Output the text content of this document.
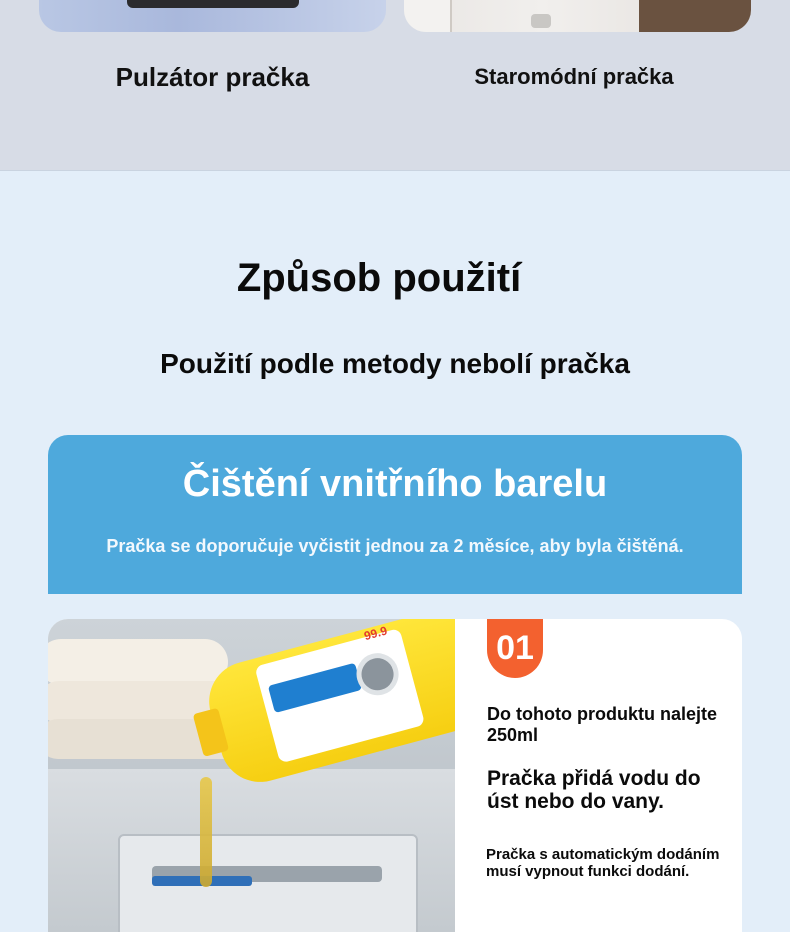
Pulzátor pračka	Staromódní pračka
Způsob použití
Použití podle metody nebolí pračka
Čištění vnitřního barelu
Pračka se doporučuje vyčistit jednou za 2 měsíce, aby byla čištěná.
99.9	01
Do tohoto produktu nalejte 250ml
Pračka přidá vodu do úst nebo do vany.
Pračka s automatickým dodáním musí vypnout funkci dodání.
